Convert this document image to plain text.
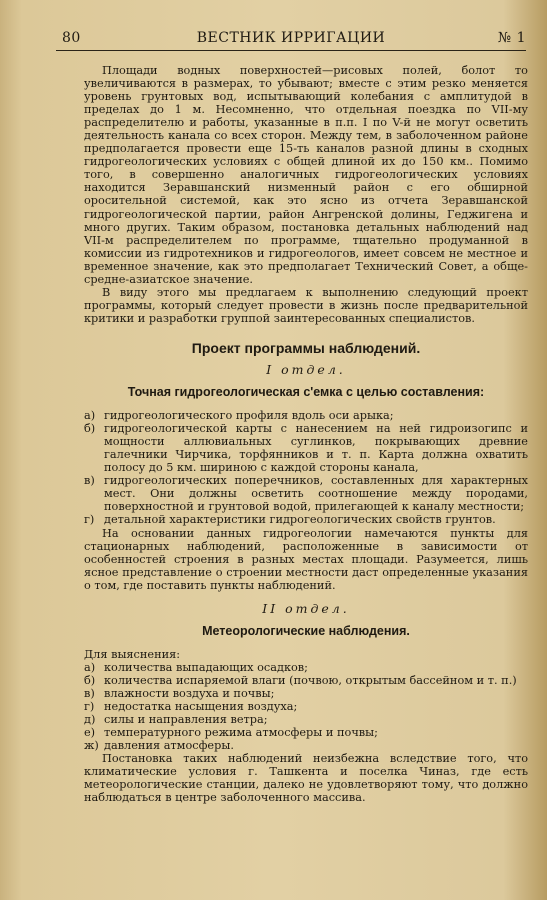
80	ВЕСТНИК ИРРИГАЦИИ	№ 1

Площади водных поверхностей—рисовых полей, болот то увеличиваются в размерах, то убывают; вместе с этим резко меняется уровень грунтовых вод, испытывающий колебания с амплитудой в пределах до 1 м. Несомненно, что отдельная поездка по VII-му распределителю и работы, указанные в п.п. I по V-й не могут осветить деятельность канала со всех сторон. Между тем, в заболоченном районе предполагается провести еще 15-ть каналов разной длины в сходных гидрогеологических условиях с общей длиной их до 150 км.. Помимо того, в совершенно аналогичных гидрогеологических условиях находится Зеравшанский низменный район с его обширной оросительной системой, как это ясно из отчета Зеравшанской гидрогеологической партии, район Ангренской долины, Геджигена и много других. Таким образом, постановка детальных наблюдений над VII-м распределителем по программе, тщательно продуманной в комиссии из гидротехников и гидрогеологов, имеет совсем не местное и временное значение, как это предполагает Технический Совет, а обще-средне-азиатское значение.

В виду этого мы предлагаем к выполнению следующий проект программы, который следует провести в жизнь после предварительной критики и разработки группой заинтересованных специалистов.

Проект программы наблюдений.
I отдел.
Точная гидрогеологическая с'емка с целью составления:
а) гидрогеологического профиля вдоль оси арыка;
б) гидрогеологической карты с нанесением на ней гидроизогипс и мощности аллювиальных суглинков, покрывающих древние галечники Чирчика, торфянников и т. п. Карта должна охватить полосу до 5 км. шириною с каждой стороны канала,
в) гидрогеологических поперечников, составленных для характерных мест. Они должны осветить соотношение между породами, поверхностной и грунтовой водой, прилегающей к каналу местности;
г) детальной характеристики гидрогеологических свойств грунтов.

На основании данных гидрогеологии намечаются пункты для стационарных наблюдений, расположенные в зависимости от особенностей строения в разных местах площади. Разумеется, лишь ясное представление о строении местности даст определенные указания о том, где поставить пункты наблюдений.

II отдел.
Метеорологические наблюдения.

Для выяснения:

а) количества выпадающих осадков;
б) количества испаряемой влаги (почвою, открытым бассейном и т. п.)
в) влажности воздуха и почвы;
г) недостатка насыщения воздуха;
д) силы и направления ветра;
е) температурного режима атмосферы и почвы;
ж) давления атмосферы.

Постановка таких наблюдений неизбежна вследствие того, что климатические условия г. Ташкента и поселка Чиназ, где есть метеорологические станции, далеко не удовлетворяют тому, что должно наблюдаться в центре заболоченного массива.
